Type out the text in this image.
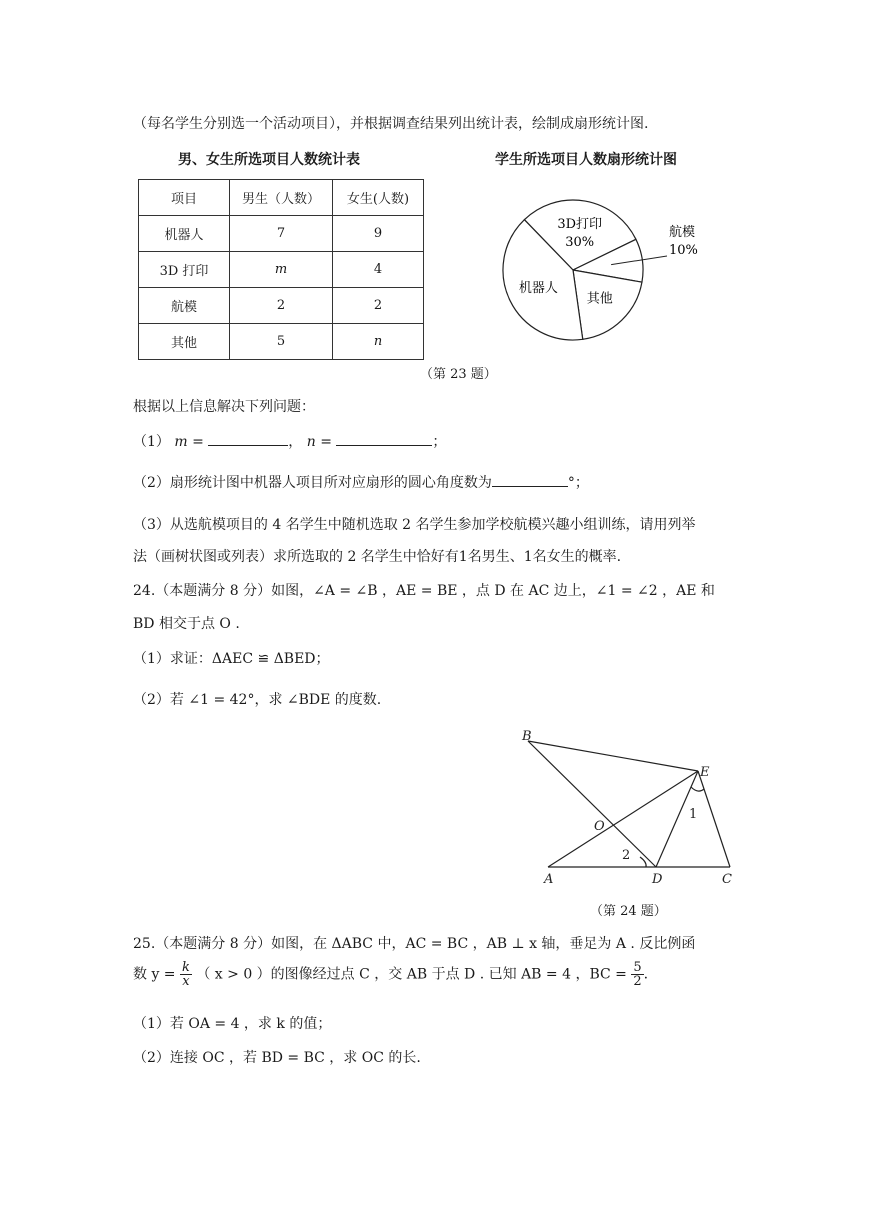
（每名学生分别选一个活动项目），并根据调查结果列出统计表，绘制成扇形统计图.
男、女生所选项目人数统计表	学生所选项目人数扇形统计图
项目	男生（人数）	女生(人数)
机器人	7	9
3D 打印	m	4
航模	2	2
其他	5	n
3D打印
30%
航模
10%
其他
机器人
（第 23 题）
根据以上信息解决下列问题：
（1） m =	， n =	；
（2）扇形统计图中机器人项目所对应扇形的圆心角度数为	°；
（3）从选航模项目的 4 名学生中随机选取 2 名学生参加学校航模兴趣小组训练，请用列举
法（画树状图或列表）求所选取的 2 名学生中恰好有1名男生、1名女生的概率.
24.（本题满分 8 分）如图，∠A = ∠B ，AE = BE ，点 D 在 AC 边上，∠1 = ∠2 ，AE 和
BD 相交于点 O .
（1）求证：ΔAEC ≌ ΔBED；
（2）若 ∠1 = 42°，求 ∠BDE 的度数.
B
E
O
A	D	C
1
2
（第 24 题）
25.（本题满分 8 分）如图，在 ΔABC 中，AC = BC ，AB ⊥ x 轴，垂足为 A . 反比例函
数 $y = \frac{k}{x}$ （ x > 0 ）的图像经过点 C ，交 AB 于点 D . 已知 AB = 4 ，BC = $\frac{5}{2}$ .
（1）若 OA = 4 ，求 k 的值；
（2）连接 OC ，若 BD = BC ，求 OC 的长.
